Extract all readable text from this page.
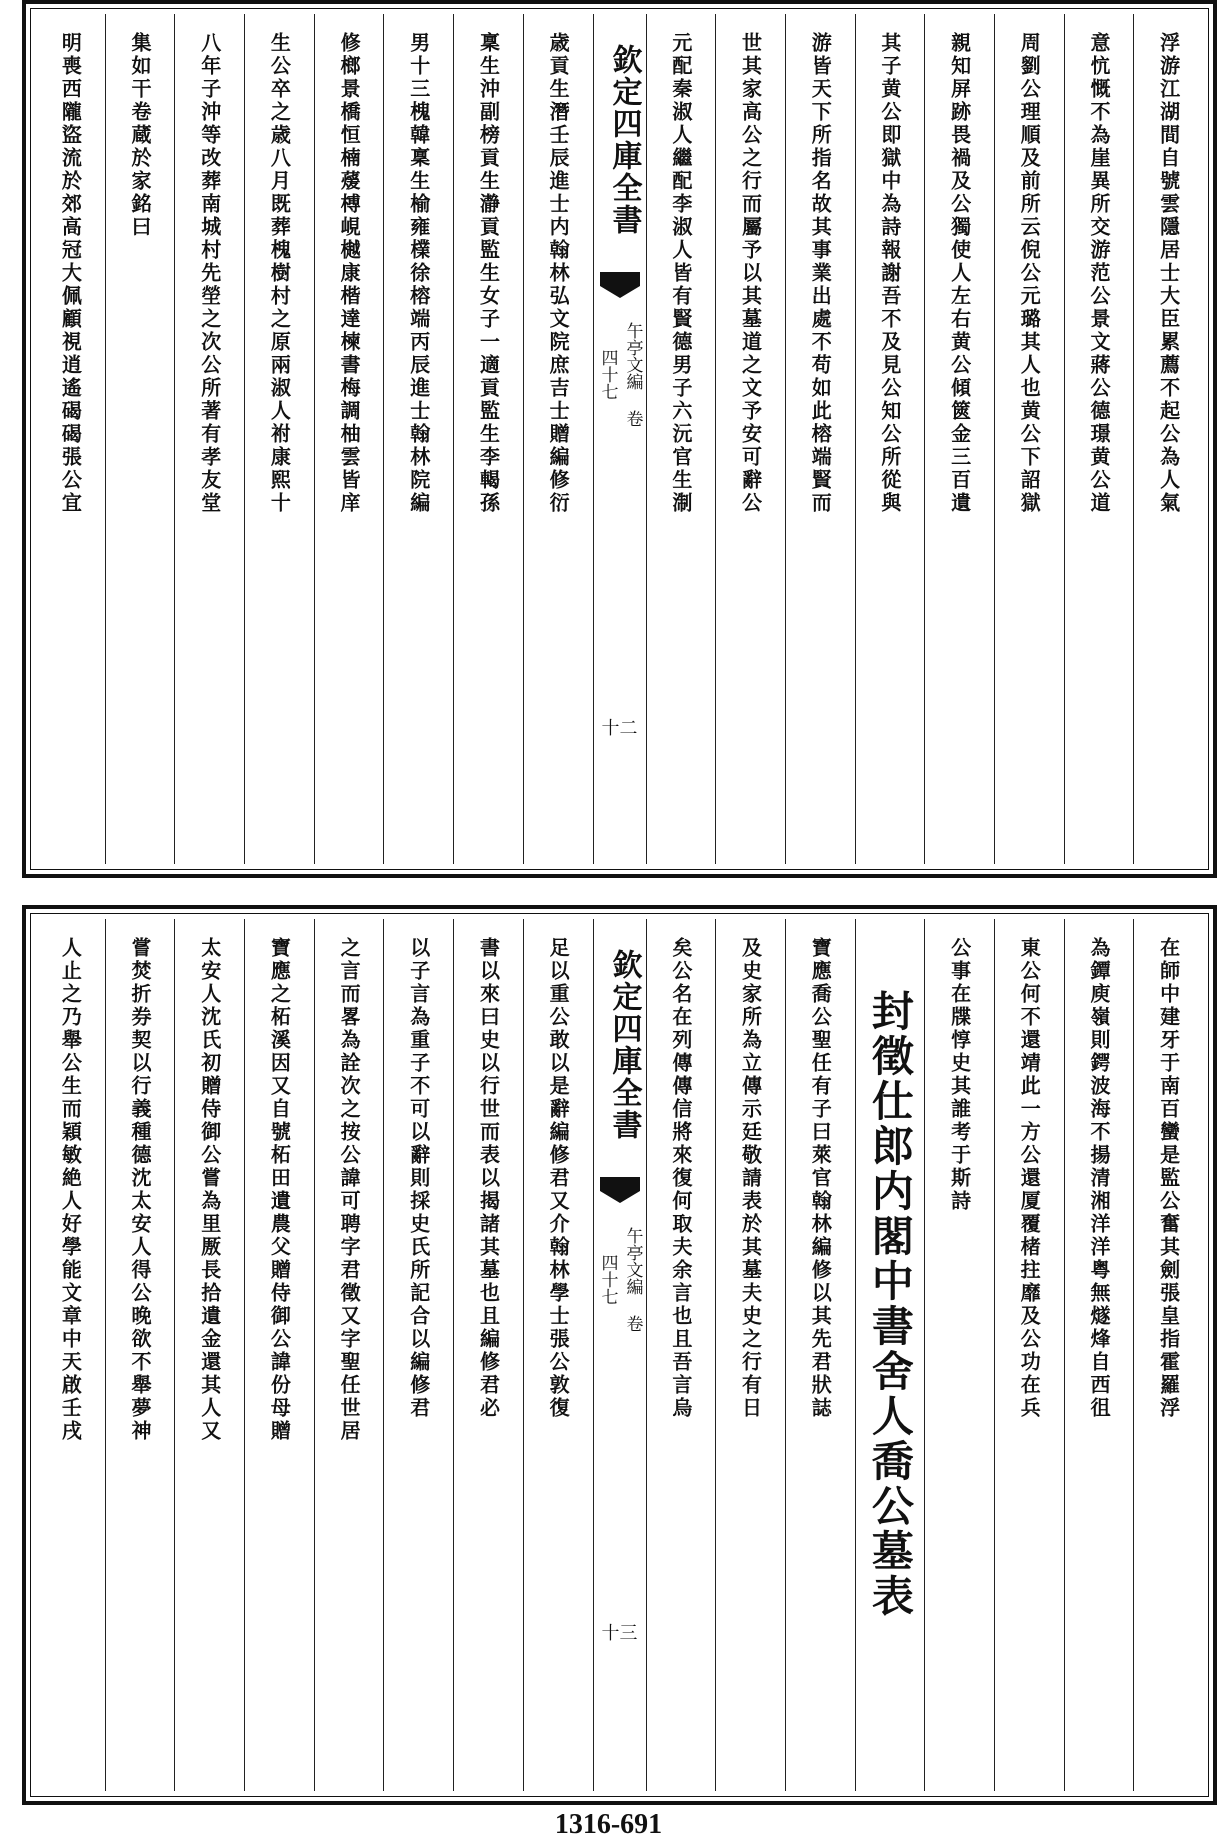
浮游江湖間自號雲隱居士大臣累薦不起公為人氣
意忼慨不為崖異所交游范公景文蔣公德璟黄公道
周劉公理順及前所云倪公元璐其人也黄公下詔獄
親知屏跡畏禍及公獨使人左右黄公傾篋金三百遺
其子黄公即獄中為詩報謝吾不及見公知公所從與
游皆天下所指名故其事業出處不苟如此榕端賢而
世其家高公之行而屬予以其墓道之文予安可辭公
元配秦淑人繼配李淑人皆有賢德男子六沅官生淛
欽定四庫全書
午亭文編 卷四十七
十二
歳貢生潛壬辰進士内翰林弘文院庶吉士贈編修衍
稟生沖副榜貢生瀞貢監生女子一適貢監生李輵孫
男十三槐韓稟生榆雍檏徐榕端丙辰進士翰林院編
修榔景橋恒楠蕿榑峴樾康楷達楝書梅調柚雲皆庠
生公卒之歳八月既葬槐樹村之原兩淑人祔康熙十
八年子沖等改葬南城村先塋之次公所著有孝友堂
集如干卷蔵於家銘曰
明喪西隴盜流於郊高冠大佩顧視逍遙碣碣張公宜
在師中建牙于南百蠻是監公奮其劍張皇指霍羅浮
為鐔庾嶺則鍔波海不揚清湘洋洋粤無燧烽自西徂
東公何不還靖此一方公還厦覆楮拄靡及公功在兵
公事在牒惇史其誰考于斯詩
封徵仕郎内閣中書舍人喬公墓表
寶應喬公聖任有子曰萊官翰林編修以其先君狀誌
及史家所為立傳示廷敬請表於其墓夫史之行有日
矣公名在列傳傳信將來復何取夫余言也且吾言烏
欽定四庫全書
午亭文編 卷四十七
十三
足以重公敢以是辭編修君又介翰林學士張公敦復
書以來曰史以行世而表以揭諸其墓也且編修君必
以子言為重子不可以辭則採史氏所記合以編修君
之言而畧為詮次之按公諱可聘字君徵又字聖任世居
寶應之柘溪因又自號柘田遺農父贈侍御公諱份母贈
太安人沈氏初贈侍御公嘗為里厫長拾遺金還其人又
嘗焚折券契以行義種德沈太安人得公晚欲不舉夢神
人止之乃舉公生而穎敏絶人好學能文章中天啟壬戌
1316-691
